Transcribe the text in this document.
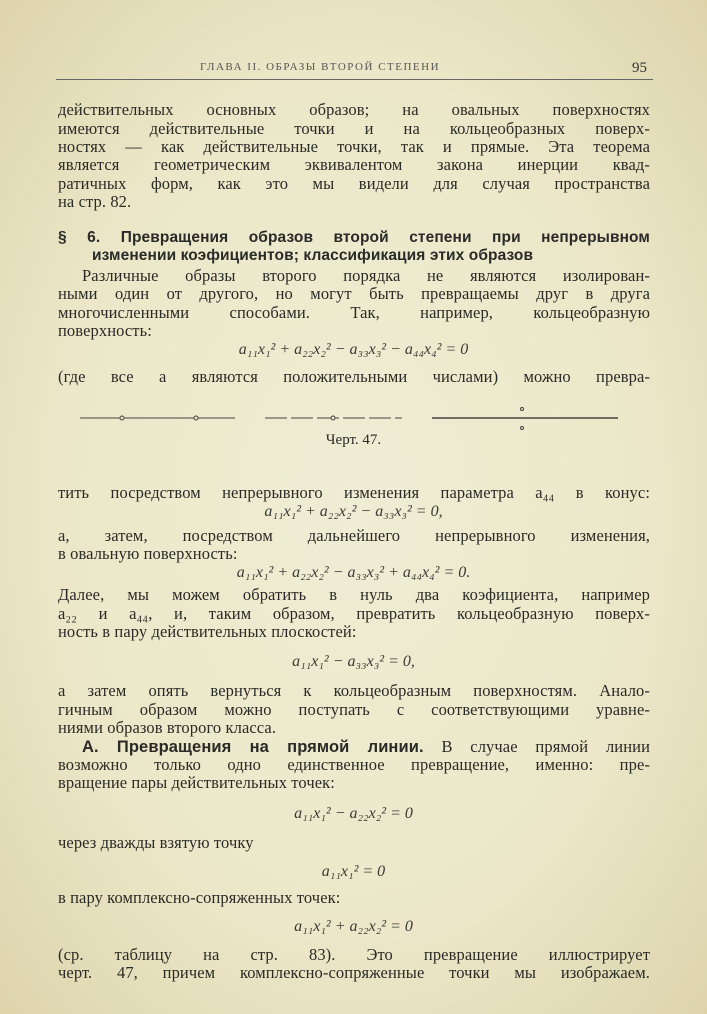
ГЛАВА II. ОБРАЗЫ ВТОРОЙ СТЕПЕНИ	95
действительных основных образов; на овальных поверхностях
имеются действительные точки и на кольцеобразных поверх-
ностях — как действительные точки, так и прямые. Эта теорема
является геометрическим эквивалентом закона инерции квад-
ратичных форм, как это мы видели для случая пространства
на стр. 82.
§ 6. Превращения образов второй степени при непрерывном
изменении коэфициентов; классификация этих образов
Различные образы второго порядка не являются изолирован-
ными один от другого, но могут быть превращаемы друг в друга
многочисленными способами. Так, например, кольцеобразную
поверхность:
a₁₁x₁² + a₂₂x₂² − a₃₃x₃² − a₄₄x₄² = 0
(где все a являются положительными числами) можно превра-
Черт. 47.
тить посредством непрерывного изменения параметра a₄₄ в конус:
a₁₁x₁² + a₂₂x₂² − a₃₃x₃² = 0,
а, затем, посредством дальнейшего непрерывного изменения,
в овальную поверхность:
a₁₁x₁² + a₂₂x₂² − a₃₃x₃² + a₄₄x₄² = 0.
Далее, мы можем обратить в нуль два коэфициента, например
a₂₂ и a₄₄, и, таким образом, превратить кольцеобразную поверх-
ность в пару действительных плоскостей:
a₁₁x₁² − a₃₃x₃² = 0,
а затем опять вернуться к кольцеобразным поверхностям. Анало-
гичным образом можно поступать с соответствующими уравне-
ниями образов второго класса.
А. Превращения на прямой линии. В случае прямой линии
возможно только одно единственное превращение, именно: пре-
вращение пары действительных точек:
a₁₁x₁² − a₂₂x₂² = 0
через дважды взятую точку
a₁₁x₁² = 0
в пару комплексно-сопряженных точек:
a₁₁x₁² + a₂₂x₂² = 0
(ср. таблицу на стр. 83). Это превращение иллюстрирует
черт. 47, причем комплексно-сопряженные точки мы изображаем.
